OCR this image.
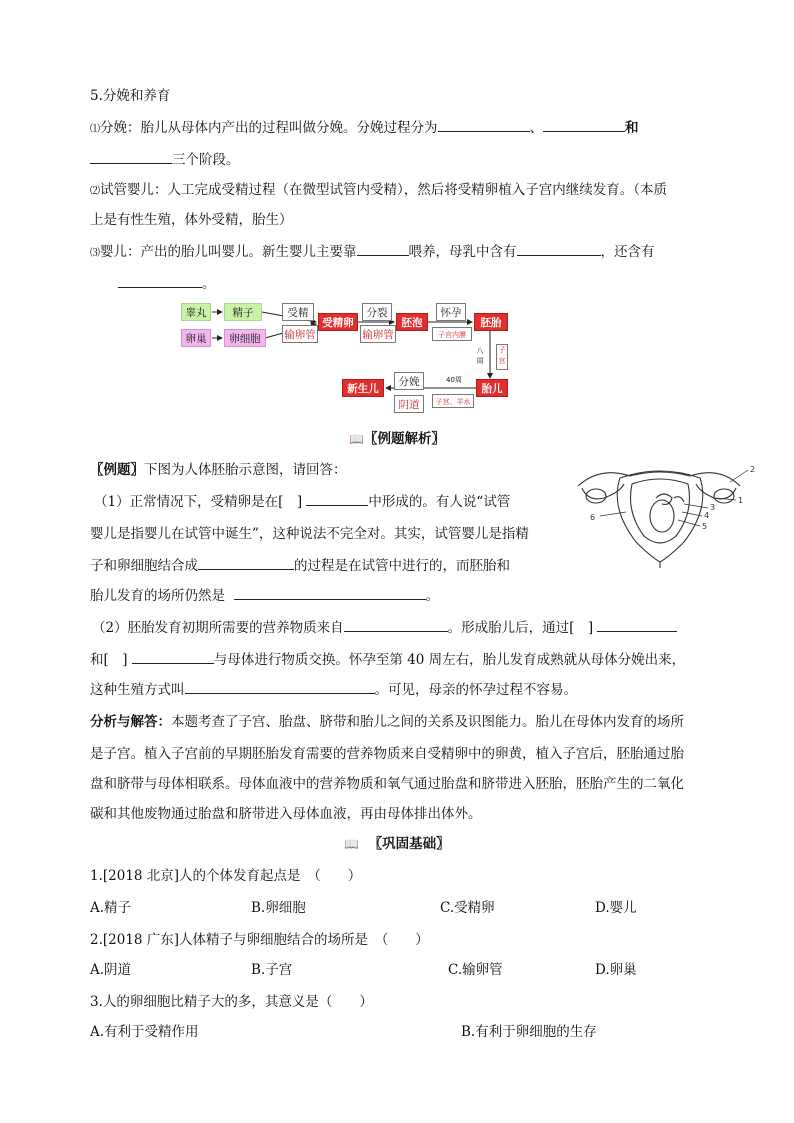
5.分娩和养育
⑴分娩：胎儿从母体内产出的过程叫做分娩。分娩过程分为	、	和
三个阶段。
⑵试管婴儿：人工完成受精过程（在微型试管内受精），然后将受精卵植入子宫内继续发育。（本质
上是有性生殖，体外受精，胎生）
⑶婴儿：产出的胎儿叫婴儿。新生婴儿主要靠	喂养，母乳中含有	，还含有
。
睾丸	精子
卵巢	卵细胞
受精
输卵管
受精卵
分裂
输卵管
胚泡
怀孕
子宫内膜
胚胎
八周
子宫
胎儿
40周
子宫、羊水
分娩
阴道
新生儿
📖〖例题解析〗
〖例题〗下图为人体胚胎示意图，请回答：
（1）正常情况下，受精卵是在[　]	中形成的。有人说“试管
婴儿是指婴儿在试管中诞生”，这种说法不完全对。其实，试管婴儿是指精
子和卵细胞结合成	的过程是在试管中进行的，而胚胎和
胎儿发育的场所仍然是	。
1
2
3
4
5
6
（2）胚胎发育初期所需要的营养物质来自	。形成胎儿后，通过[　]
和[　]	与母体进行物质交换。怀孕至第 40 周左右，胎儿发育成熟就从母体分娩出来，
这种生殖方式叫	。可见，母亲的怀孕过程不容易。
分析与解答：本题考查了子宫、胎盘、脐带和胎儿之间的关系及识图能力。胎儿在母体内发育的场所
是子宫。植入子宫前的早期胚胎发育需要的营养物质来自受精卵中的卵黄，植入子宫后，胚胎通过胎
盘和脐带与母体相联系。母体血液中的营养物质和氧气通过胎盘和脐带进入胚胎，胚胎产生的二氧化
碳和其他废物通过胎盘和脐带进入母体血液，再由母体排出体外。
📖 〖巩固基础〗
1.[2018 北京]人的个体发育起点是　（　　）
A.精子	B.卵细胞	C.受精卵	D.婴儿
2.[2018 广东]人体精子与卵细胞结合的场所是　（　　）
A.阴道	B.子宫	C.输卵管	D.卵巢
3.人的卵细胞比精子大的多，其意义是（　　）
A.有利于受精作用	B.有利于卵细胞的生存
